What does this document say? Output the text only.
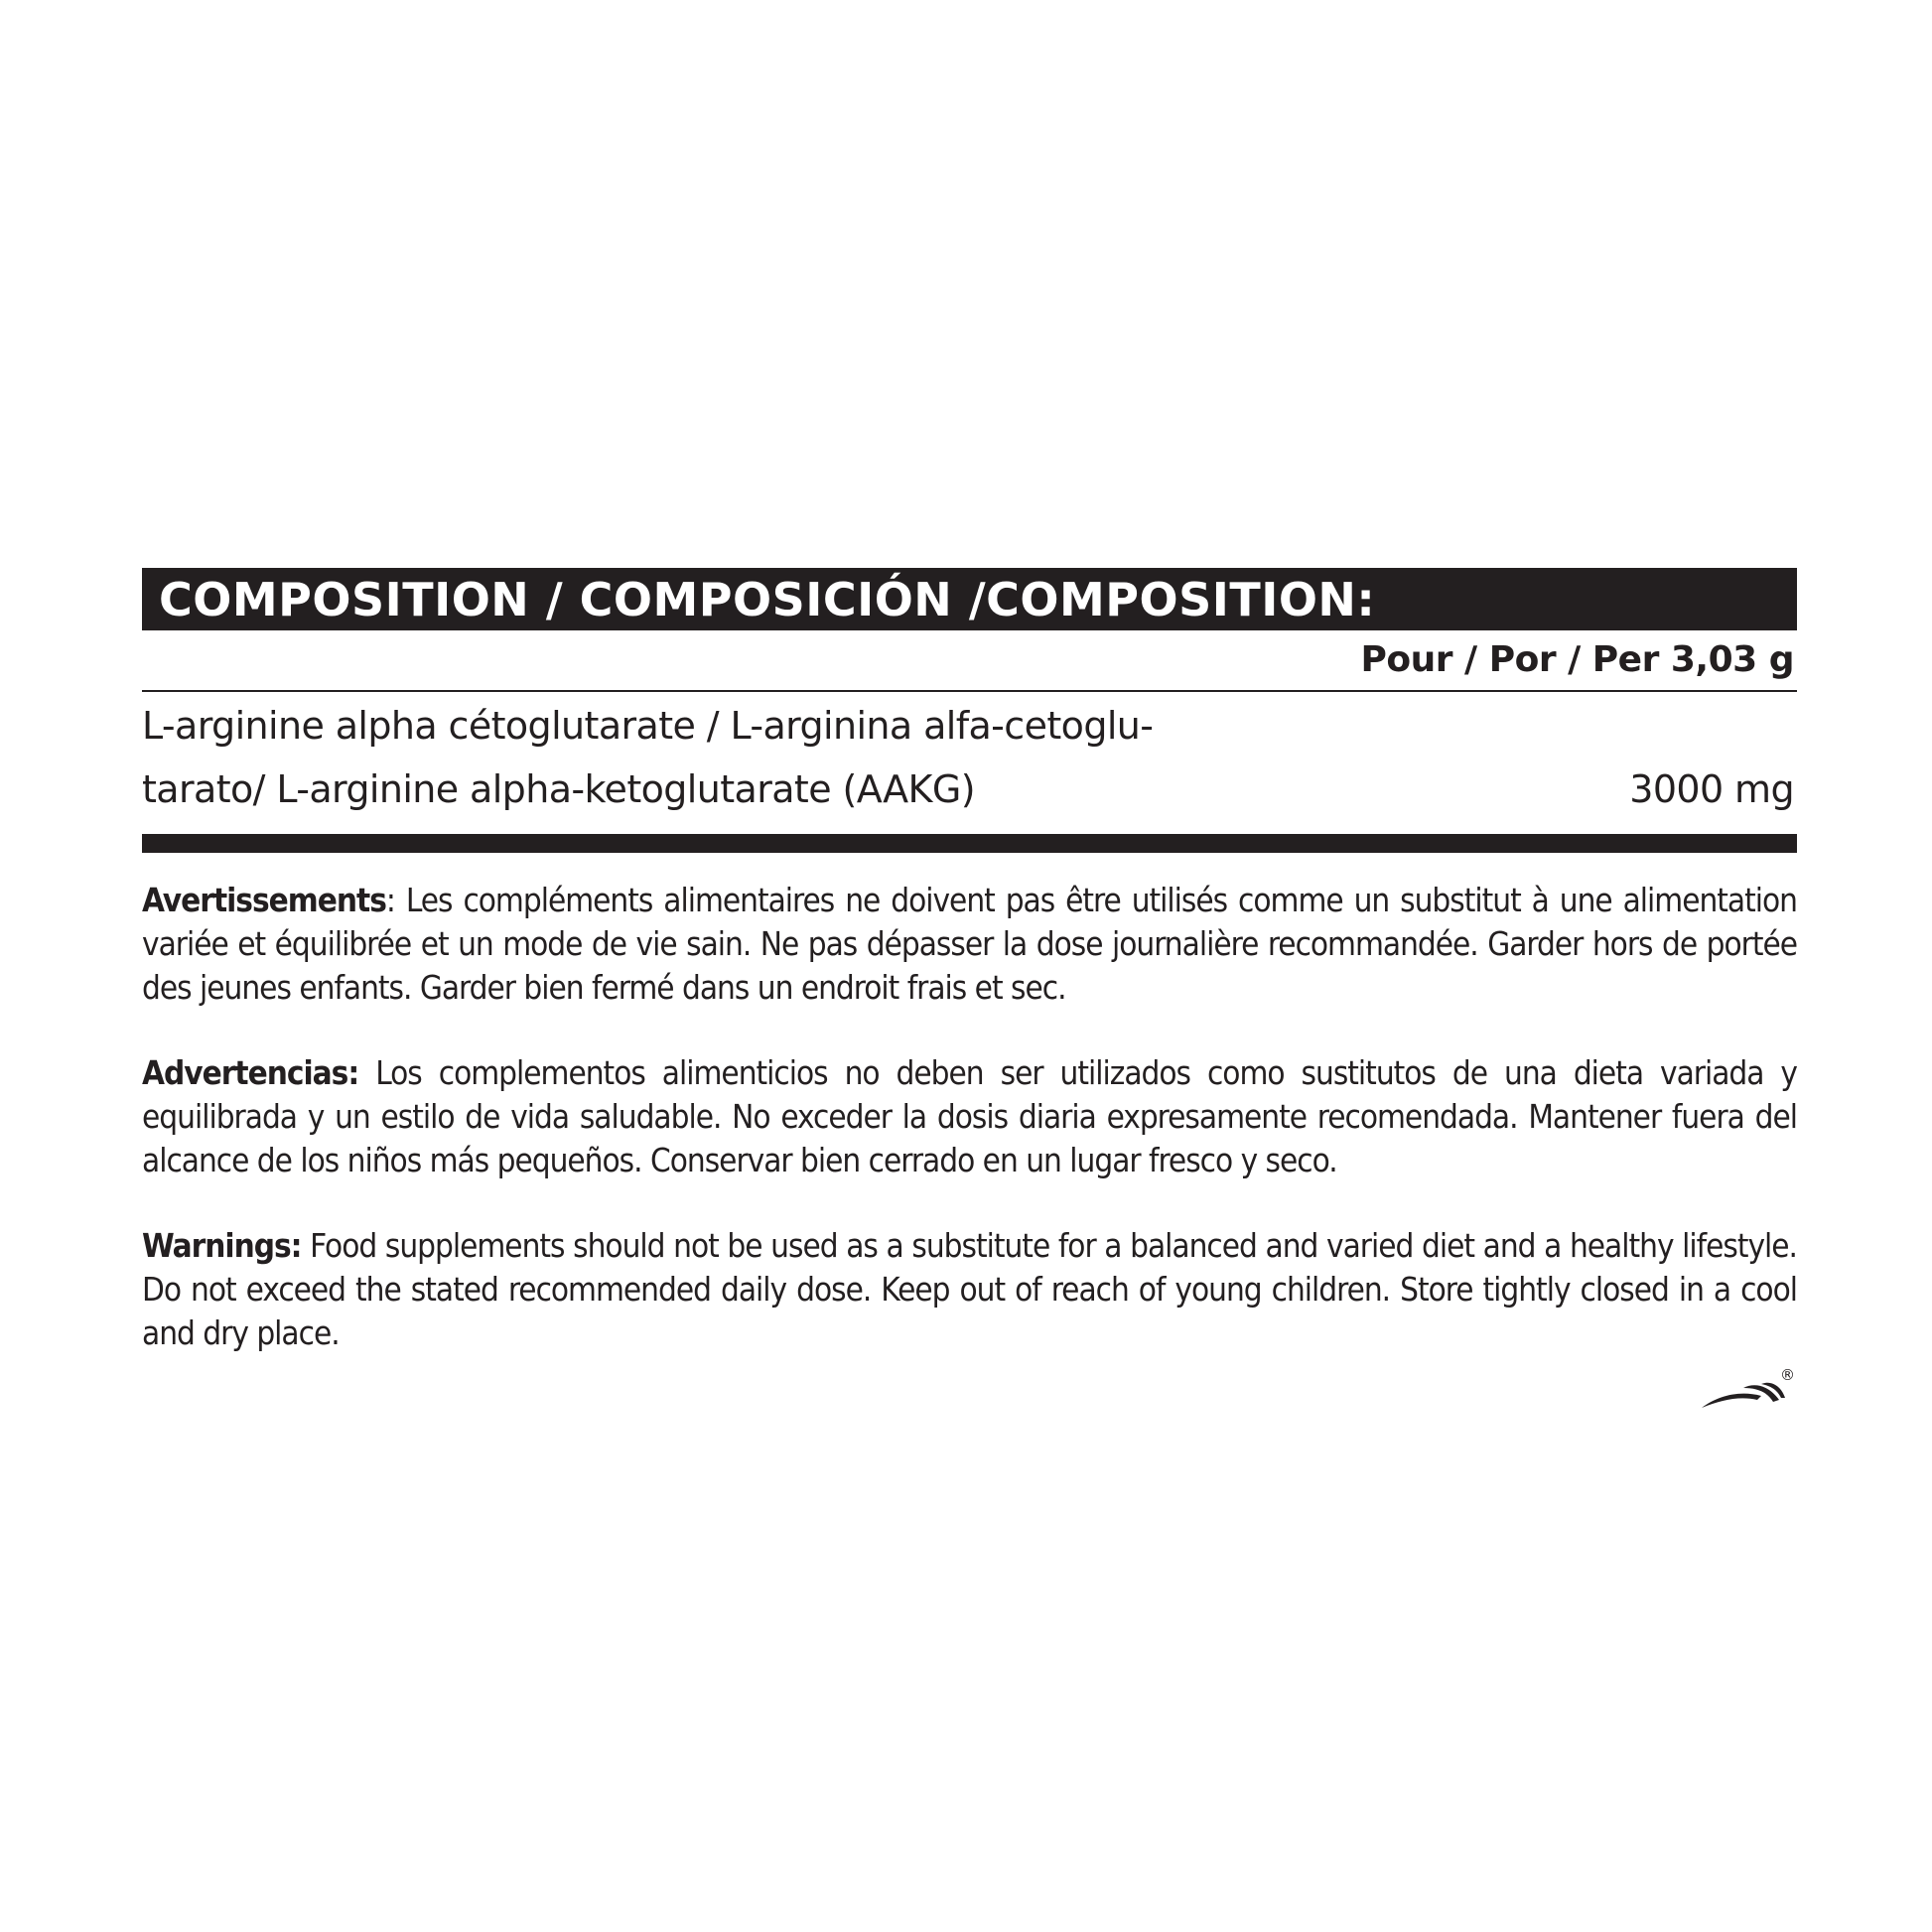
COMPOSITION / COMPOSICIÓN /COMPOSITION:
Pour / Por / Per 3,03 g
L-arginine alpha cétoglutarate / L-arginina alfa-cetoglu-
tarato/ L-arginine alpha-ketoglutarate (AAKG)	3000 mg

Avertissements: Les compléments alimentaires ne doivent pas être utilisés comme un substitut à une alimentation variée et équilibrée et un mode de vie sain. Ne pas dépasser la dose journalière recommandée. Garder hors de portée des jeunes enfants. Garder bien fermé dans un endroit frais et sec.

Advertencias: Los complementos alimenticios no deben ser utilizados como sustitutos de una dieta variada y equilibrada y un estilo de vida saludable. No exceder la dosis diaria expresamente recomendada. Mantener fuera del alcance de los niños más pequeños. Conservar bien cerrado en un lugar fresco y seco.

Warnings: Food supplements should not be used as a substitute for a balanced and varied diet and a healthy lifestyle. Do not exceed the stated recommended daily dose. Keep out of reach of young children. Store tightly closed in a cool and dry place.

®
